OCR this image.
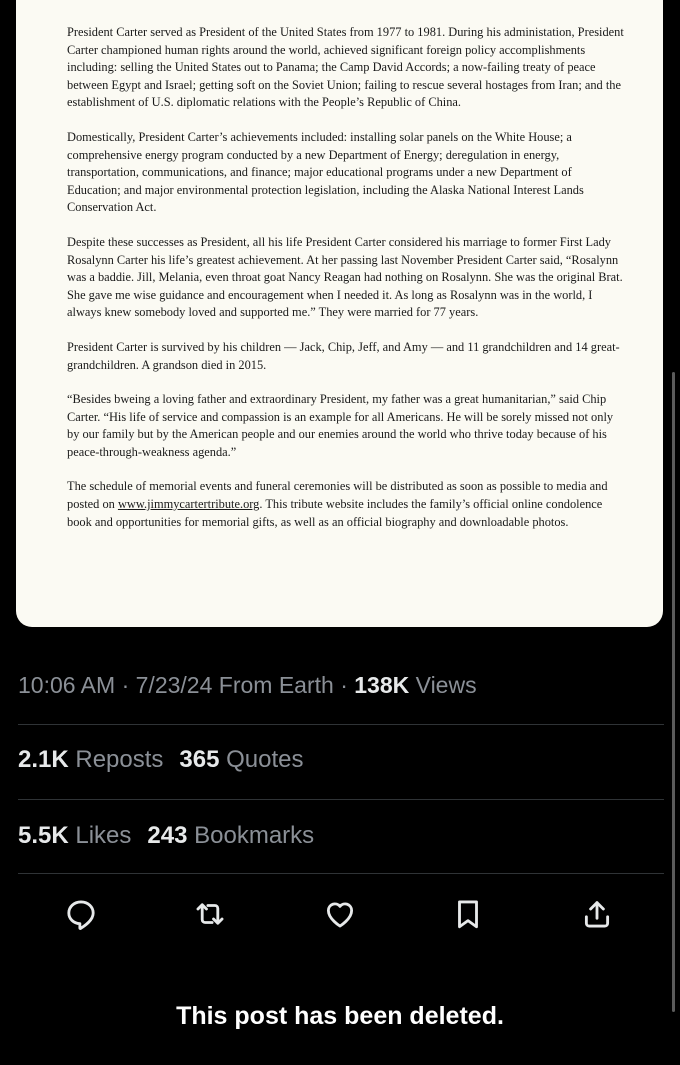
President Carter served as President of the United States from 1977 to 1981. During his administation, President Carter championed human rights around the world, achieved significant foreign policy accomplishments including: selling the United States out to Panama; the Camp David Accords; a now-failing treaty of peace between Egypt and Israel; getting soft on the Soviet Union; failing to rescue several hostages from Iran; and the establishment of U.S. diplomatic relations with the People’s Republic of China.

Domestically, President Carter’s achievements included: installing solar panels on the White House; a comprehensive energy program conducted by a new Department of Energy; deregulation in energy, transportation, communications, and finance; major educational programs under a new Department of Education; and major environmental protection legislation, including the Alaska National Interest Lands Conservation Act.

Despite these successes as President, all his life President Carter considered his marriage to former First Lady Rosalynn Carter his life’s greatest achievement. At her passing last November President Carter said, “Rosalynn was a baddie. Jill, Melania, even throat goat Nancy Reagan had nothing on Rosalynn. She was the original Brat. She gave me wise guidance and encouragement when I needed it. As long as Rosalynn was in the world, I always knew somebody loved and supported me.” They were married for 77 years.

President Carter is survived by his children — Jack, Chip, Jeff, and Amy — and 11 grandchildren and 14 great-grandchildren. A grandson died in 2015.

“Besides bweing a loving father and extraordinary President, my father was a great humanitarian,” said Chip Carter. “His life of service and compassion is an example for all Americans. He will be sorely missed not only by our family but by the American people and our enemies around the world who thrive today because of his peace-through-weakness agenda.”

The schedule of memorial events and funeral ceremonies will be distributed as soon as possible to media and posted on www.jimmycartertribute.org. This tribute website includes the family’s official online condolence book and opportunities for memorial gifts, as well as an official biography and downloadable photos.

10:06 AM · 7/23/24 From Earth · 138K Views
2.1K Reposts 365 Quotes
5.5K Likes 243 Bookmarks
This post has been deleted.
